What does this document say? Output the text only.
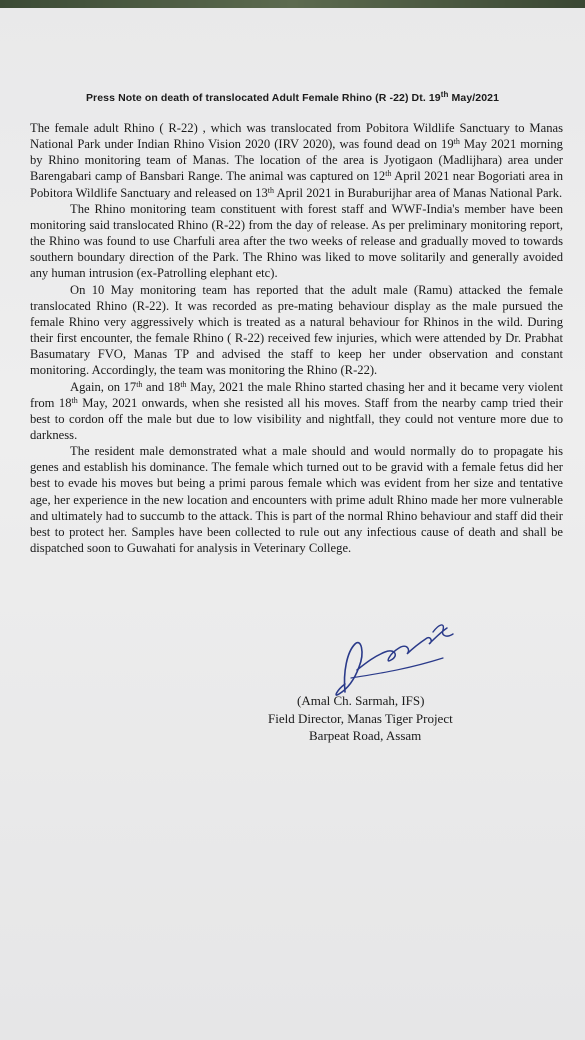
Press Note on death of translocated Adult Female Rhino (R -22) Dt. 19th May/2021

The female adult Rhino ( R-22) , which was translocated from Pobitora Wildlife Sanctuary to Manas National Park under Indian Rhino Vision 2020 (IRV 2020), was found dead on 19th May 2021 morning by Rhino monitoring team of Manas. The location of the area is Jyotigaon (Madlijhara) area under Barengabari camp of Bansbari Range. The animal was captured on 12th April 2021 near Bogoriati area in Pobitora Wildlife Sanctuary and released on 13th April 2021 in Buraburijhar area of Manas National Park.

The Rhino monitoring team constituent with forest staff and WWF-India's member have been monitoring said translocated Rhino (R-22) from the day of release. As per preliminary monitoring report, the Rhino was found to use Charfuli area after the two weeks of release and gradually moved to towards southern boundary direction of the Park. The Rhino was liked to move solitarily and generally avoided any human intrusion (ex-Patrolling elephant etc).

On 10 May monitoring team has reported that the adult male (Ramu) attacked the female translocated Rhino (R-22). It was recorded as pre-mating behaviour display as the male pursued the female Rhino very aggressively which is treated as a natural behaviour for Rhinos in the wild. During their first encounter, the female Rhino ( R-22) received few injuries, which were attended by Dr. Prabhat Basumatary FVO, Manas TP and advised the staff to keep her under observation and constant monitoring. Accordingly, the team was monitoring the Rhino (R-22).

Again, on 17th and 18th May, 2021 the male Rhino started chasing her and it became very violent from 18th May, 2021 onwards, when she resisted all his moves. Staff from the nearby camp tried their best to cordon off the male but due to low visibility and nightfall, they could not venture more due to darkness.

The resident male demonstrated what a male should and would normally do to propagate his genes and establish his dominance. The female which turned out to be gravid with a female fetus did her best to evade his moves but being a primi parous female which was evident from her size and tentative age, her experience in the new location and encounters with prime adult Rhino made her more vulnerable and ultimately had to succumb to the attack. This is part of the normal Rhino behaviour and staff did their best to protect her. Samples have been collected to rule out any infectious cause of death and shall be dispatched soon to Guwahati for analysis in Veterinary College.

(Amal Ch. Sarmah, IFS)
Field Director, Manas Tiger Project
Barpeat Road, Assam
